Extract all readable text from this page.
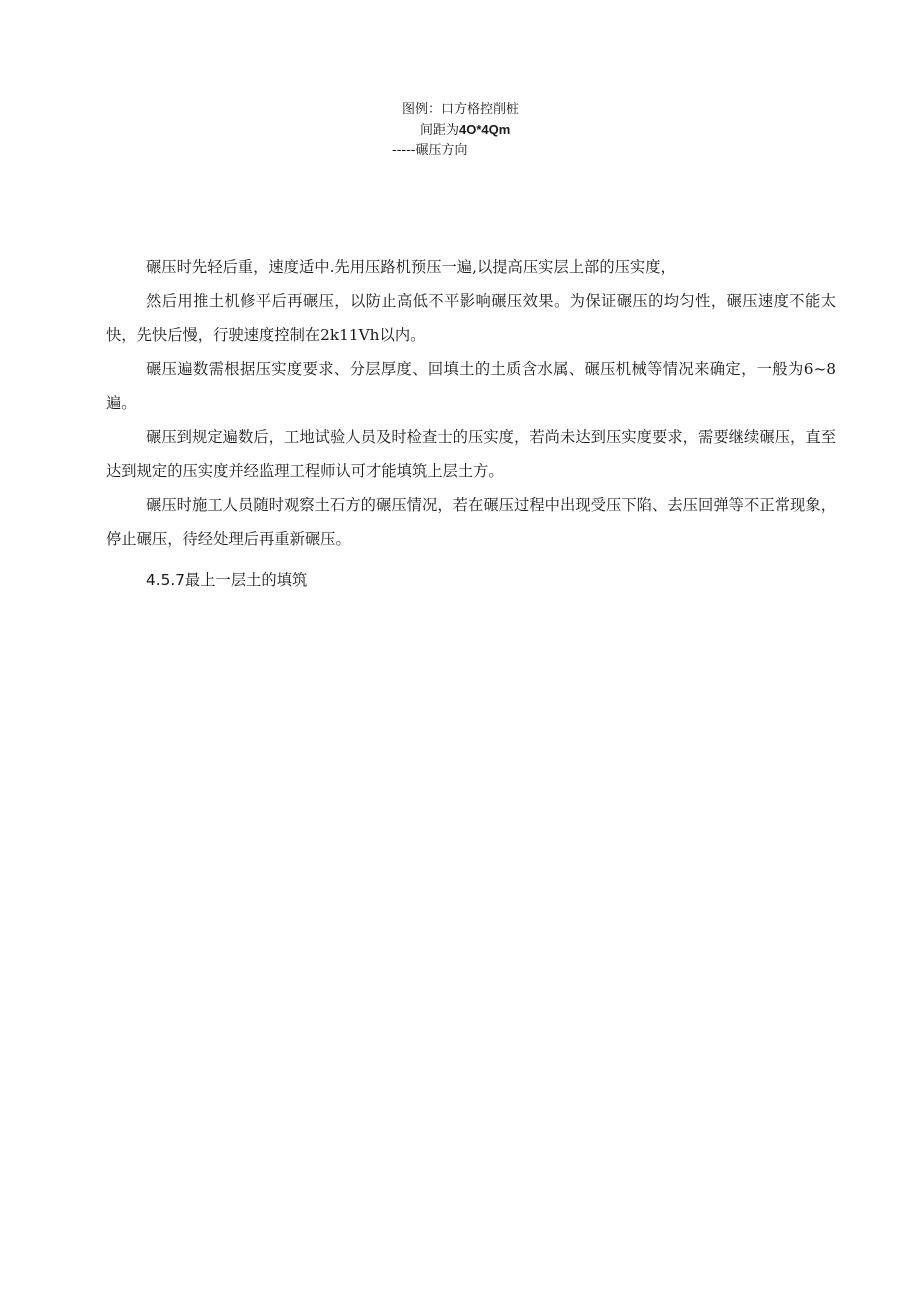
图例：口方格控削桩
间距为4O*4Qm
-----碾压方向

碾压时先轻后重，速度适中.先用压路机预压一遍,以提高压实层上部的压实度，

然后用推土机修平后再碾压，以防止高低不平影响碾压效果。为保证碾压的均匀性，碾压速度不能太快，先快后慢，行驶速度控制在2k11Vh以内。

碾压遍数需根据压实度要求、分层厚度、回填土的土质含水属、碾压机械等情况来确定，一般为6~8遍。

碾压到规定遍数后，工地试验人员及时检查士的压实度，若尚未达到压实度要求，需要继续碾压，直至达到规定的压实度并经监理工程师认可才能填筑上层土方。

碾压时施工人员随时观察土石方的碾压情况，若在碾压过程中出现受压下陷、去压回弹等不正常现象，停止碾压，待经处理后再重新碾压。

4.5.7最上一层土的填筑
